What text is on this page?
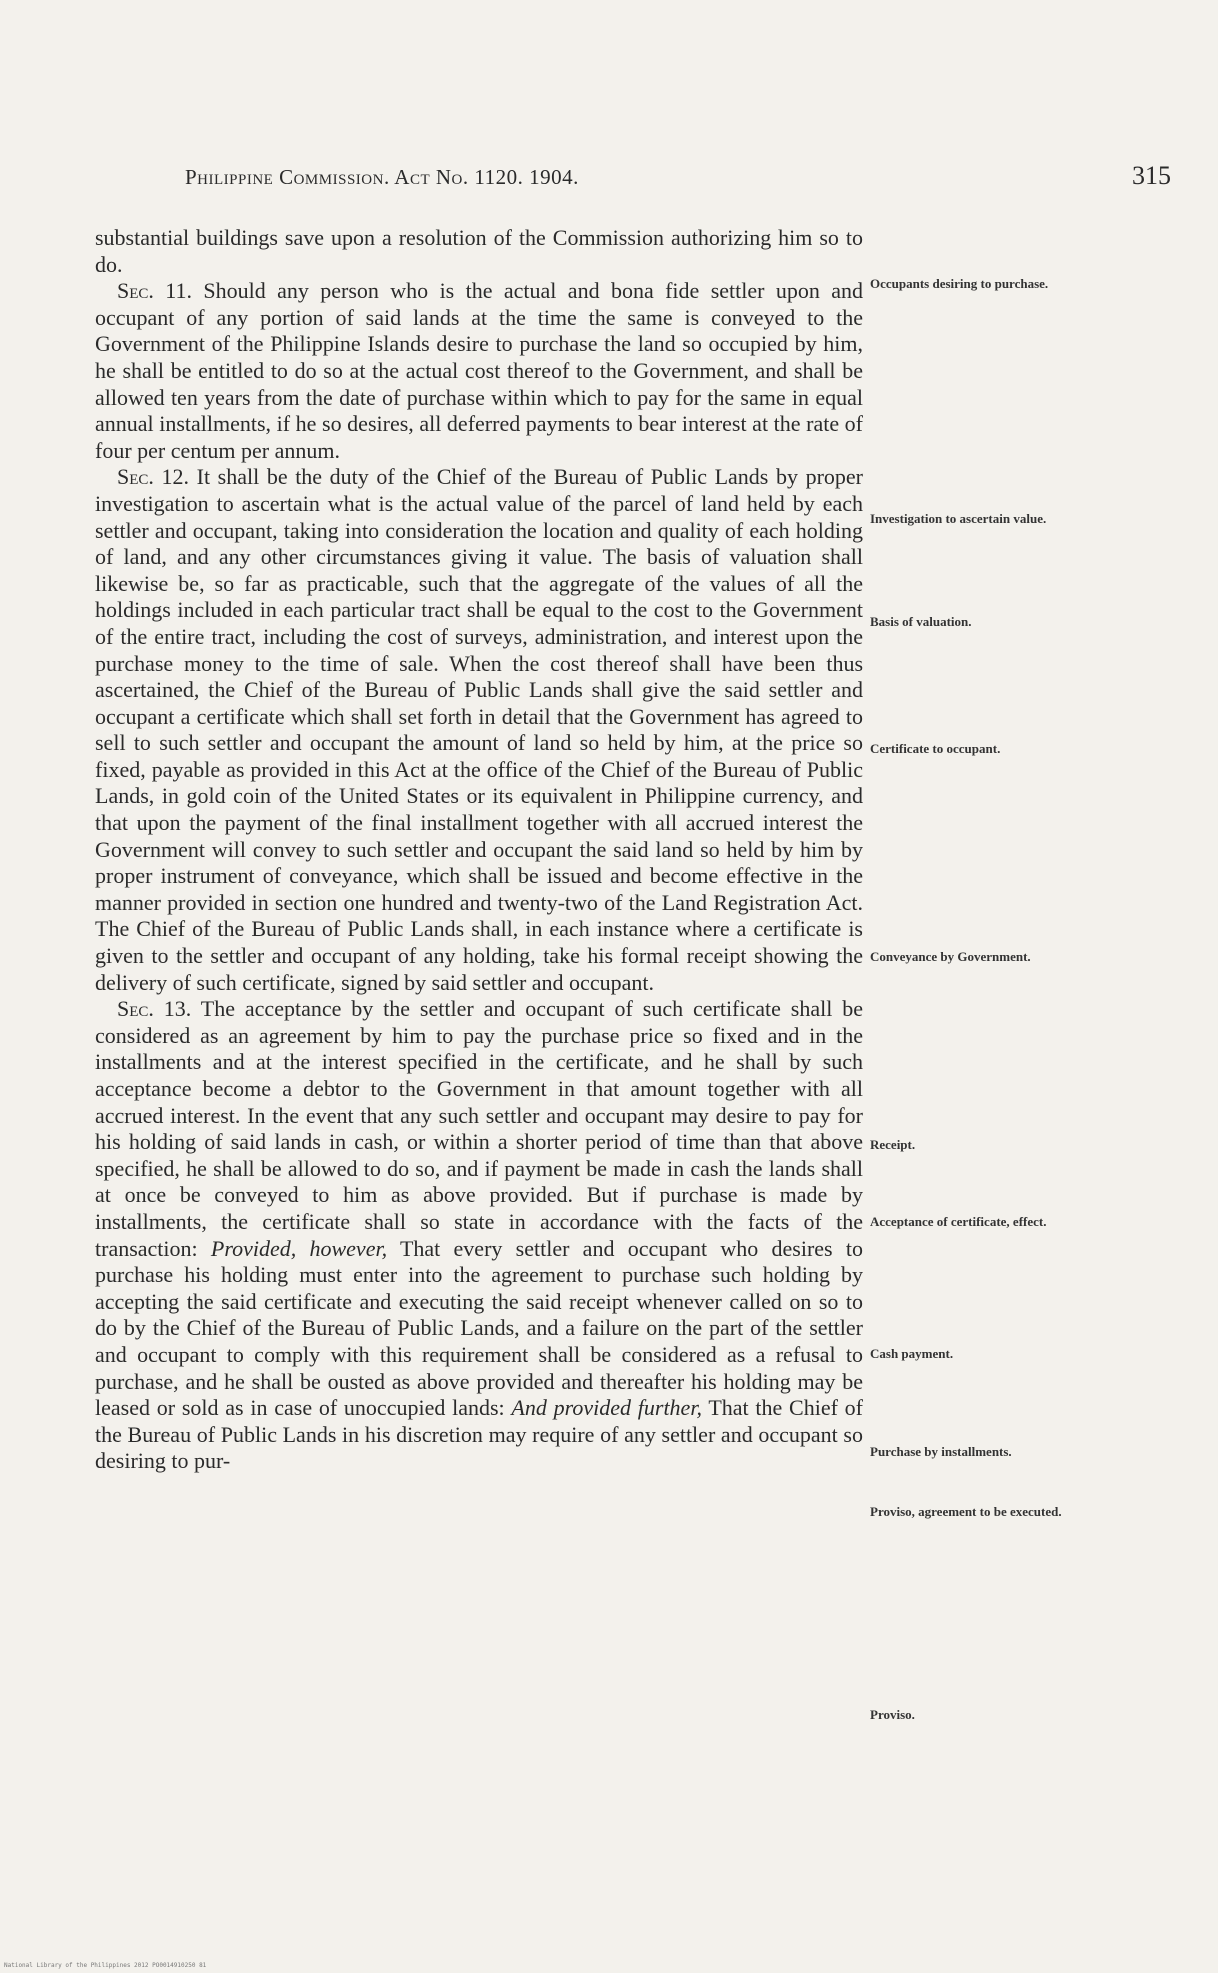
Philippine Commission. Act No. 1120. 1904.	315

substantial buildings save upon a resolution of the Commission authorizing him so to do.

Sec. 11. Should any person who is the actual and bona fide settler upon and occupant of any portion of said lands at the time the same is conveyed to the Government of the Philippine Islands desire to purchase the land so occupied by him, he shall be entitled to do so at the actual cost thereof to the Government, and shall be allowed ten years from the date of purchase within which to pay for the same in equal annual installments, if he so desires, all deferred payments to bear interest at the rate of four per centum per annum.

Sec. 12. It shall be the duty of the Chief of the Bureau of Public Lands by proper investigation to ascertain what is the actual value of the parcel of land held by each settler and occupant, taking into consideration the location and quality of each holding of land, and any other circumstances giving it value. The basis of valuation shall likewise be, so far as practicable, such that the aggregate of the values of all the holdings included in each particular tract shall be equal to the cost to the Government of the entire tract, including the cost of surveys, administration, and interest upon the purchase money to the time of sale. When the cost thereof shall have been thus ascertained, the Chief of the Bureau of Public Lands shall give the said settler and occupant a certificate which shall set forth in detail that the Government has agreed to sell to such settler and occupant the amount of land so held by him, at the price so fixed, payable as provided in this Act at the office of the Chief of the Bureau of Public Lands, in gold coin of the United States or its equivalent in Philippine currency, and that upon the payment of the final installment together with all accrued interest the Government will convey to such settler and occupant the said land so held by him by proper instrument of conveyance, which shall be issued and become effective in the manner provided in section one hundred and twenty-two of the Land Registration Act. The Chief of the Bureau of Public Lands shall, in each instance where a certificate is given to the settler and occupant of any holding, take his formal receipt showing the delivery of such certificate, signed by said settler and occupant.

Sec. 13. The acceptance by the settler and occupant of such certificate shall be considered as an agreement by him to pay the purchase price so fixed and in the installments and at the interest specified in the certificate, and he shall by such acceptance become a debtor to the Government in that amount together with all accrued interest. In the event that any such settler and occupant may desire to pay for his holding of said lands in cash, or within a shorter period of time than that above specified, he shall be allowed to do so, and if payment be made in cash the lands shall at once be conveyed to him as above provided. But if purchase is made by installments, the certificate shall so state in accordance with the facts of the transaction: Provided, however, That every settler and occupant who desires to purchase his holding must enter into the agreement to purchase such holding by accepting the said certificate and executing the said receipt whenever called on so to do by the Chief of the Bureau of Public Lands, and a failure on the part of the settler and occupant to comply with this requirement shall be considered as a refusal to purchase, and he shall be ousted as above provided and thereafter his holding may be leased or sold as in case of unoccupied lands: And provided further, That the Chief of the Bureau of Public Lands in his discretion may require of any settler and occupant so desiring to pur-

Occupants desiring to purchase.
Investigation to ascertain value.
Basis of valuation.
Certificate to occupant.
Conveyance by Government.
Receipt.
Acceptance of certificate, effect.
Cash payment.
Purchase by installments.
Proviso, agreement to be executed.
Proviso.
National Library of the Philippines 2012 PO0014910250 81
